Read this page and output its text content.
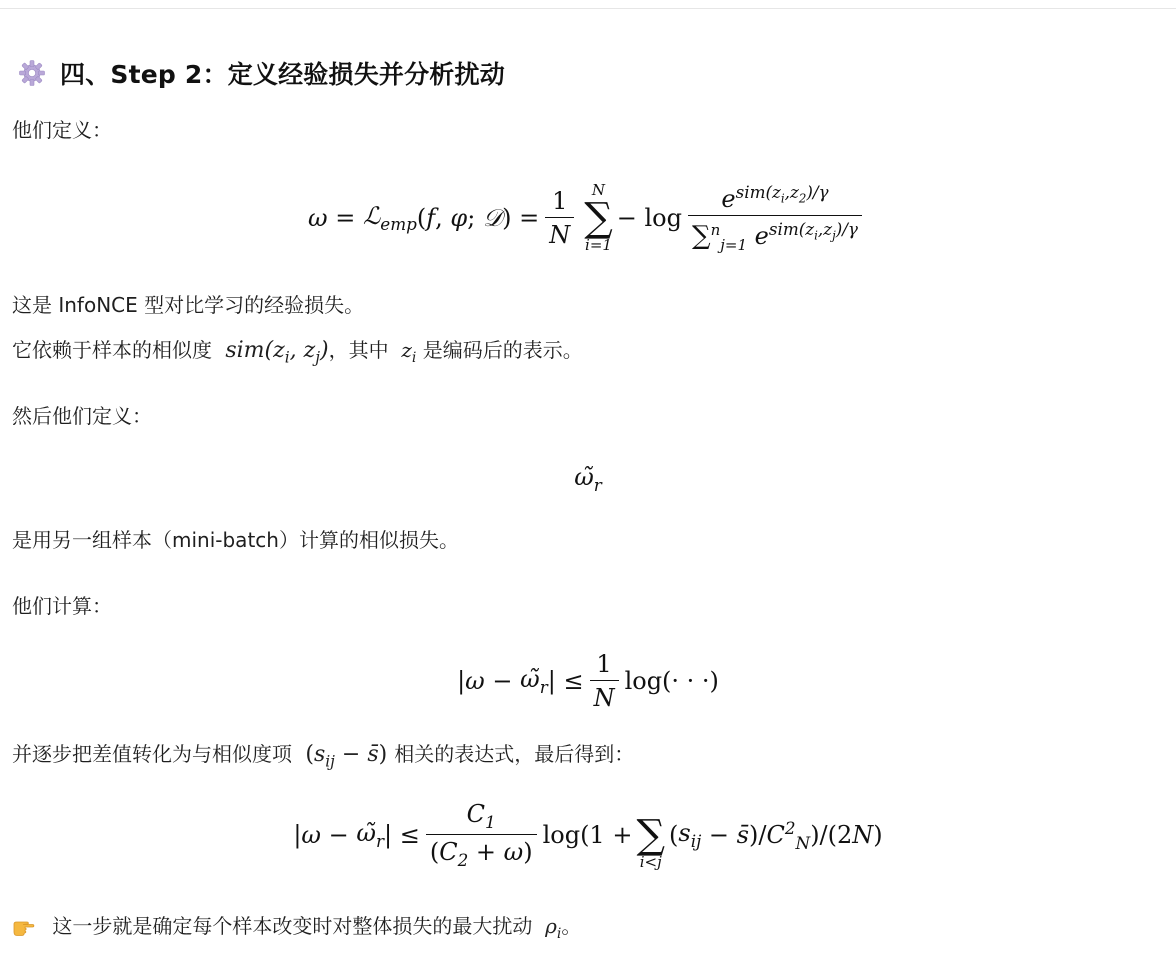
四、Step 2：定义经验损失并分析扰动
他们定义：
ω = ℒ$_{emp}$ ( f , φ ; 𝒟 ) = $\frac{1}{N}$ N
∑
i=1
− $\log \frac{e^{sim(z_i,z_2)/\gamma}}{\sum^n_{j=1} e^{sim(z_i,z_j)/\gamma}}$
这是 InfoNCE 型对比学习的经验损失。
它依赖于样本的相似度  $sim(z_i$, $z_j$)，其中  $z_i$ 是编码后的表示。
然后他们定义：
$\omegã_r$
是用另一组样本（mini-batch）计算的相似损失。
他们计算：
| $\omega - \omegã_r$ | ≤ $\frac{1}{N} \log(\cdot$ · ·)
并逐步把差值转化为与相似度项  ($s_{ij}$ − s̄) 相关的表达式，最后得到：
| $\omega - \omegã_r$ | ≤ $\frac{C_1}{(C_2 + \omega)} \log(1$ +
∑
i<j
( $s_{ij}$ − s̄ )/ $C^2_N$ )/(2 N )
这一步就是确定每个样本改变时对整体损失的最大扰动  $\rho_i$。
